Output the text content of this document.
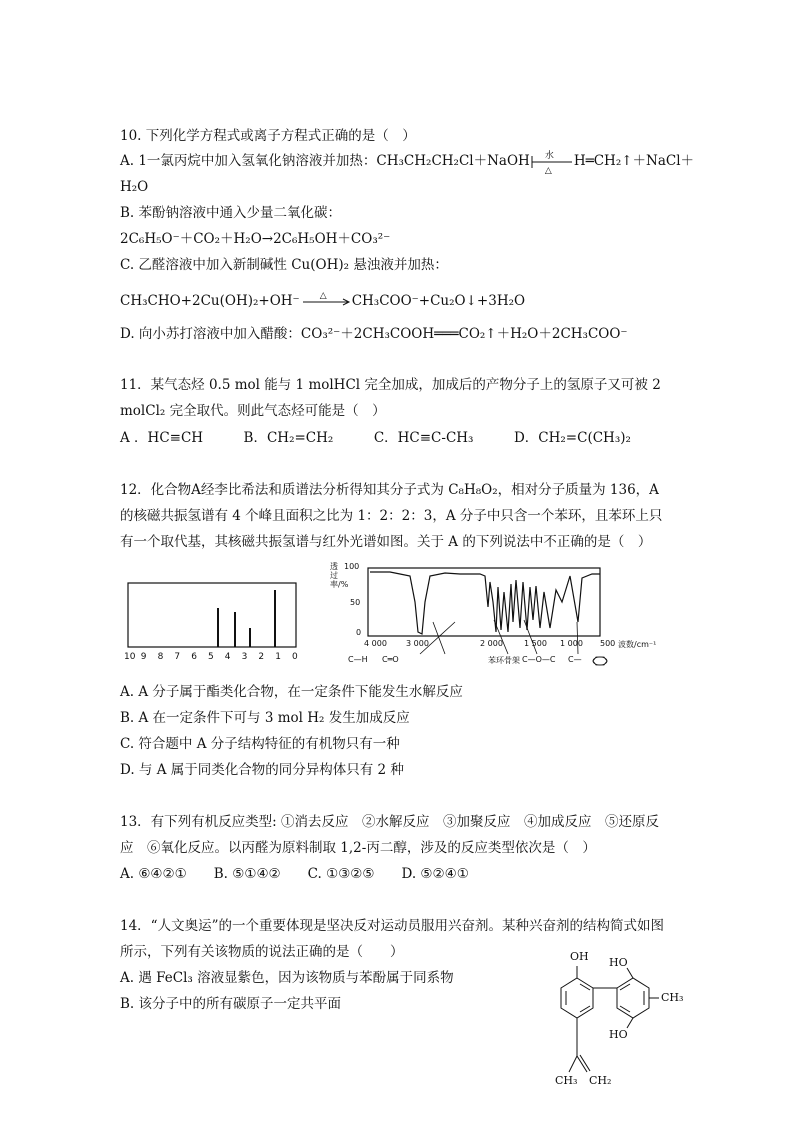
10. 下列化学方程式或离子方程式正确的是（　）
A. 1一氯丙烷中加入氢氧化钠溶液并加热：CH₃CH₂CH₂Cl＋NaOH 水
△
H═CH₂↑＋NaCl＋
H₂O
B. 苯酚钠溶液中通入少量二氧化碳：
2C₆H₅O⁻＋CO₂＋H₂O→2C₆H₅OH＋CO₃²⁻
C. 乙醛溶液中加入新制碱性 Cu(OH)₂ 悬浊液并加热：
CH₃CHO+2Cu(OH)₂+OH⁻ △ CH₃COO⁻+Cu₂O↓+3H₂O
D. 向小苏打溶液中加入醋酸：CO₃²⁻＋2CH₃COOH═══CO₂↑＋H₂O＋2CH₃COO⁻
11．某气态烃 0.5 mol 能与 1 molHCl 完全加成，加成后的产物分子上的氢原子又可被 2
molCl₂ 完全取代。则此气态烃可能是（　）
A ．HC≡CH　　　B．CH₂=CH₂　　　C．HC≡C-CH₃　　　D．CH₂=C(CH₃)₂
12．化合物A经李比希法和质谱法分析得知其分子式为 C₈H₈O₂，相对分子质量为 136，A
的核磁共振氢谱有 4 个峰且面积之比为 1：2：2：3，A 分子中只含一个苯环，且苯环上只
有一个取代基，其核磁共振氢谱与红外光谱如图。关于 A 的下列说法中不正确的是（　）
10 9 8 7 6 5 4 3 2 1 0
透过率/%
100
50
0
4 000 3 000	2 000	1 500 1 000 500 波数/cm⁻¹
C—H C═O	苯环骨架 C—O—C C—
A. A 分子属于酯类化合物，在一定条件下能发生水解反应
B. A 在一定条件下可与 3 mol H₂ 发生加成反应
C. 符合题中 A 分子结构特征的有机物只有一种
D. 与 A 属于同类化合物的同分异构体只有 2 种
13．有下列有机反应类型: ①消去反应　②水解反应　③加聚反应　④加成反应　⑤还原反
应　⑥氧化反应。以丙醛为原料制取 1,2-丙二醇，涉及的反应类型依次是（　）
A. ⑥④②①　　B. ⑤①④②　　C. ①③②⑤　　D. ⑤②④①
14．“人文奥运”的一个重要体现是坚决反对运动员服用兴奋剂。某种兴奋剂的结构简式如图
所示，下列有关该物质的说法正确的是（　　）
A. 遇 FeCl₃ 溶液显紫色，因为该物质与苯酚属于同系物
B. 该分子中的所有碳原子一定共平面
OH HO
CH₃
HO
CH₃ CH₂
